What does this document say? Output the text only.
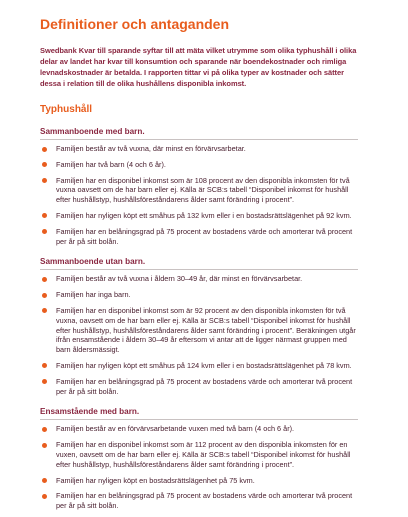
Definitioner och antaganden

Swedbank Kvar till sparande syftar till att mäta vilket utrymme som olika typhushåll i olika delar av landet har kvar till konsumtion och sparande när boendekostnader och rimliga levnadskostnader är betalda. I rapporten tittar vi på olika typer av kostnader och sätter dessa i relation till de olika hushållens disponibla inkomst.

Typhushåll
Sammanboende med barn.
Familjen består av två vuxna, där minst en förvärvsarbetar.
Familjen har två barn (4 och 6 år).
Familjen har en disponibel inkomst som är 108 procent av den disponibla inkomsten för två vuxna oavsett om de har barn eller ej. Källa är SCB:s tabell “Disponibel inkomst för hushåll efter hushållstyp, hushållsföreståndarens ålder samt förändring i procent”.
Familjen har nyligen köpt ett småhus på 132 kvm eller i en bostadsrättslägenhet på 92 kvm.
Familjen har en belåningsgrad på 75 procent av bostadens värde och amorterar två procent per år på sitt bolån.
Sammanboende utan barn.
Familjen består av två vuxna i åldern 30–49 år, där minst en förvärvsarbetar.
Familjen har inga barn.
Familjen har en disponibel inkomst som är 92 procent av den disponibla inkomsten för två vuxna, oavsett om de har barn eller ej. Källa är SCB:s tabell “Disponibel inkomst för hushåll efter hushållstyp, hushållsföreståndarens ålder samt förändring i procent”. Beräkningen utgår ifrån ensamstående i åldern 30–49 år eftersom vi antar att de ligger närmast gruppen med barn åldersmässigt.
Familjen har nyligen köpt ett småhus på 124 kvm eller i en bostadsrättslägenhet på 78 kvm.
Familjen har en belåningsgrad på 75 procent av bostadens värde och amorterar två procent per år på sitt bolån.
Ensamstående med barn.
Familjen består av en förvärvsarbetande vuxen med två barn (4 och 6 år).
Familjen har en disponibel inkomst som är 112 procent av den disponibla inkomsten för en vuxen, oavsett om de har barn eller ej. Källa är SCB:s tabell “Disponibel inkomst för hushåll efter hushållstyp, hushållsföreståndarens ålder samt förändring i procent”.
Familjen har nyligen köpt en bostadsrättslägenhet på 75 kvm.
Familjen har en belåningsgrad på 75 procent av bostadens värde och amorterar två procent per år på sitt bolån.
